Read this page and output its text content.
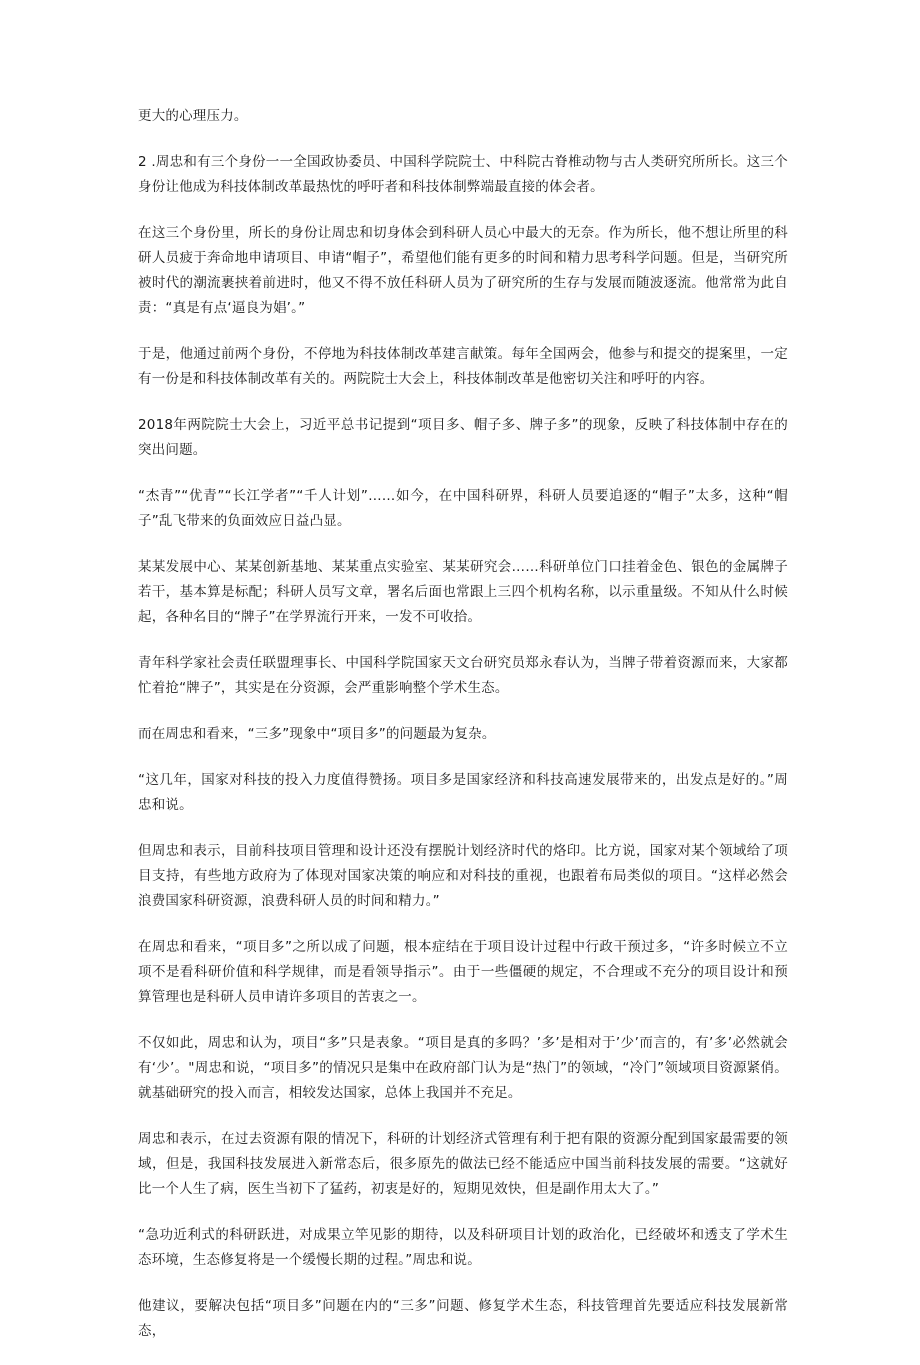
更大的心理压力。

2 .周忠和有三个身份一一全国政协委员、中国科学院院士、中科院古脊椎动物与古人类研究所所长。这三个身份让他成为科技体制改革最热忱的呼吁者和科技体制弊端最直接的体会者。

在这三个身份里，所长的身份让周忠和切身体会到科研人员心中最大的无奈。作为所长，他不想让所里的科研人员疲于奔命地申请项目、申请“帽子”，希望他们能有更多的时间和精力思考科学问题。但是，当研究所被时代的潮流裹挟着前进时，他又不得不放任科研人员为了研究所的生存与发展而随波逐流。他常常为此自责：“真是有点‘逼良为娼’。”

于是，他通过前两个身份，不停地为科技体制改革建言献策。每年全国两会，他参与和提交的提案里，一定有一份是和科技体制改革有关的。两院院士大会上，科技体制改革是他密切关注和呼吁的内容。

2018年两院院士大会上，习近平总书记提到“项目多、帽子多、牌子多”的现象，反映了科技体制中存在的突出问题。

“杰青”“优青”“长江学者”“千人计划”……如今，在中国科研界，科研人员要追逐的“帽子”太多，这种“帽子”乱飞带来的负面效应日益凸显。

某某发展中心、某某创新基地、某某重点实验室、某某研究会……科研单位门口挂着金色、银色的金属牌子若干，基本算是标配；科研人员写文章，署名后面也常跟上三四个机构名称，以示重量级。不知从什么时候起，各种名目的“牌子”在学界流行开来，一发不可收拾。

青年科学家社会责任联盟理事长、中国科学院国家天文台研究员郑永春认为，当牌子带着资源而来，大家都忙着抢“牌子”，其实是在分资源，会严重影响整个学术生态。

而在周忠和看来，“三多”现象中“项目多”的问题最为复杂。

“这几年，国家对科技的投入力度值得赞扬。项目多是国家经济和科技高速发展带来的，出发点是好的。”周忠和说。

但周忠和表示，目前科技项目管理和设计还没有摆脱计划经济时代的烙印。比方说，国家对某个领域给了项目支持，有些地方政府为了体现对国家决策的响应和对科技的重视，也跟着布局类似的项目。“这样必然会浪费国家科研资源，浪费科研人员的时间和精力。”

在周忠和看来，“项目多”之所以成了问题，根本症结在于项目设计过程中行政干预过多，“许多时候立不立项不是看科研价值和科学规律，而是看领导指示”。由于一些僵硬的规定，不合理或不充分的项目设计和预算管理也是科研人员申请许多项目的苦衷之一。

不仅如此，周忠和认为，项目“多”只是表象。“项目是真的多吗？’多’是相对于’少’而言的，有’多’必然就会有‘少’。"周忠和说，“项目多”的情况只是集中在政府部门认为是“热门”的领域，“冷门”领域项目资源紧俏。就基础研究的投入而言，相较发达国家，总体上我国并不充足。

周忠和表示，在过去资源有限的情况下，科研的计划经济式管理有利于把有限的资源分配到国家最需要的领域，但是，我国科技发展进入新常态后，很多原先的做法已经不能适应中国当前科技发展的需要。“这就好比一个人生了病，医生当初下了猛药，初衷是好的，短期见效快，但是副作用太大了。”

“急功近利式的科研跃进，对成果立竿见影的期待，以及科研项目计划的政治化，已经破坏和透支了学术生态环境，生态修复将是一个缓慢长期的过程。”周忠和说。

他建议，要解决包括“项目多”问题在内的“三多”问题、修复学术生态，科技管理首先要适应科技发展新常态，
